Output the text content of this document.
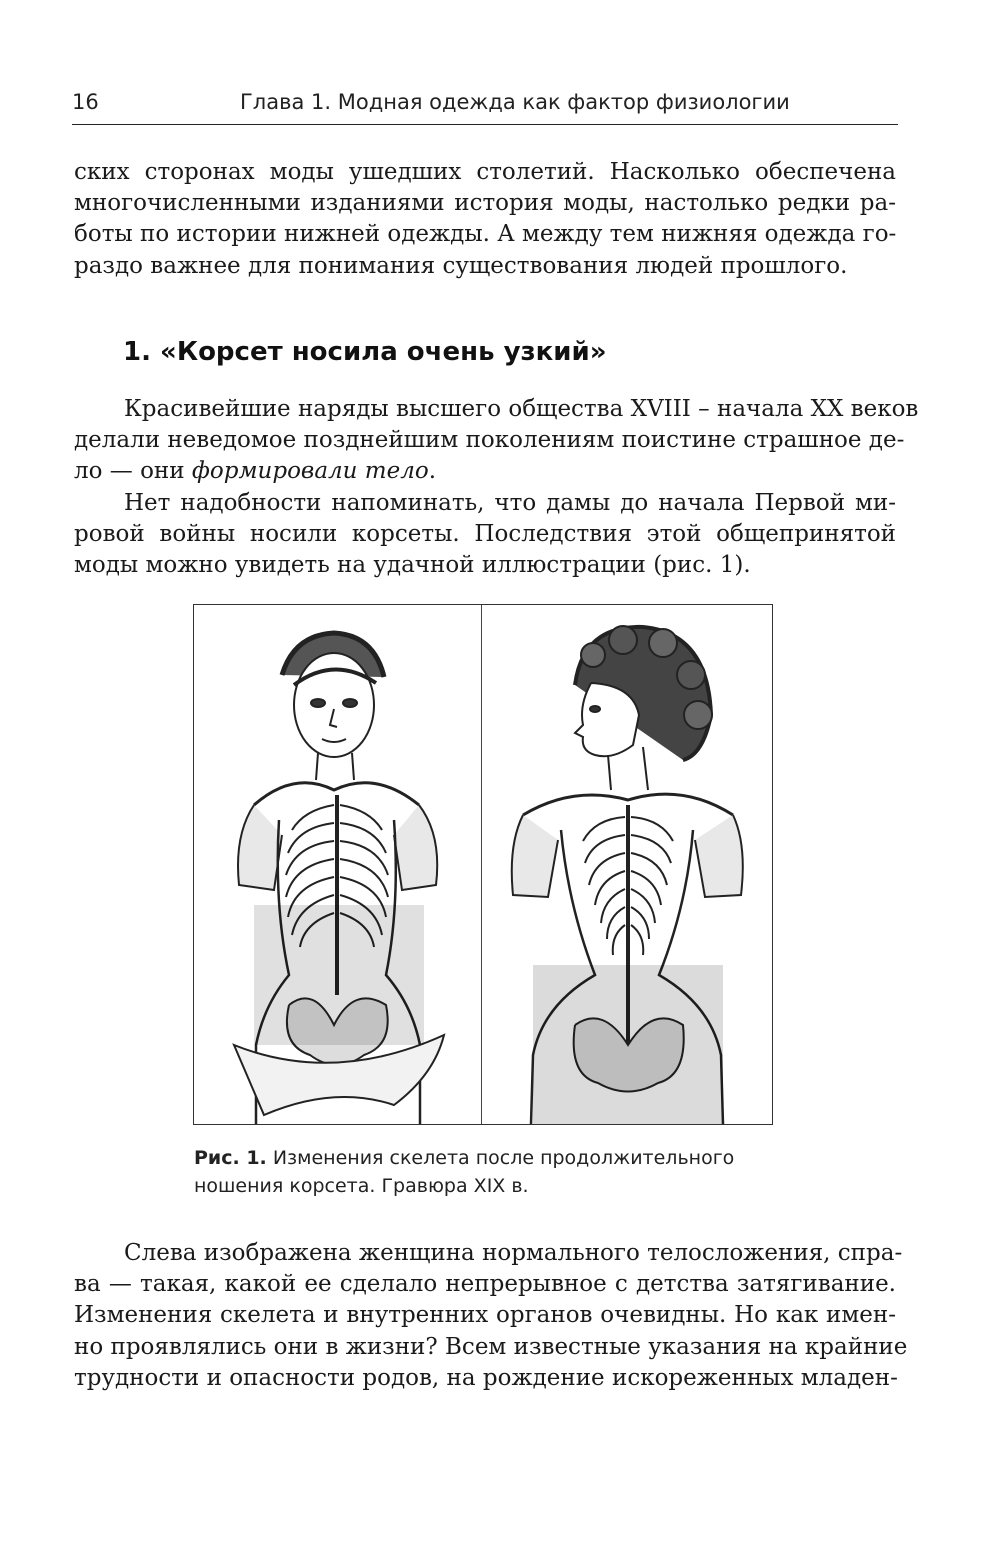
16	Глава 1. Модная одежда как фактор физиологии

ских сторонах моды ушедших столетий. Насколько обеспечена
многочисленными изданиями история моды, настолько редки ра-
боты по истории нижней одежды. А между тем нижняя одежда го-
раздо важнее для понимания существования людей прошлого.

1. «Корсет носила очень узкий»

Красивейшие наряды высшего общества XVIII – начала XX веков
делали неведомое позднейшим поколениям поистине страшное де-
ло — они формировали тело.

Нет надобности напоминать, что дамы до начала Первой ми-
ровой войны носили корсеты. Последствия этой общепринятой
моды можно увидеть на удачной иллюстрации (рис. 1).

Рис. 1. Изменения скелета после продолжительного
ношения корсета. Гравюра XIX в.

Слева изображена женщина нормального телосложения, спра-
ва — такая, какой ее сделало непрерывное с детства затягивание.
Изменения скелета и внутренних органов очевидны. Но как имен-
но проявлялись они в жизни? Всем известные указания на крайние
трудности и опасности родов, на рождение искореженных младен-
